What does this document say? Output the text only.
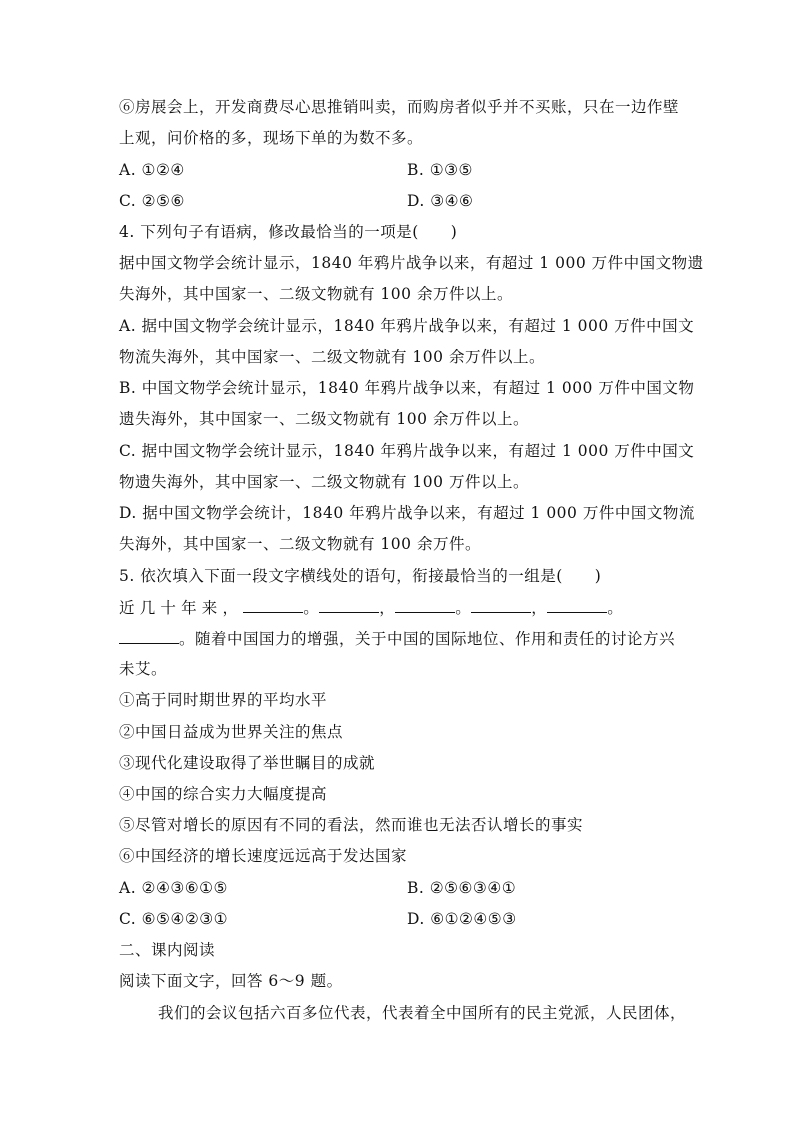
⑥房展会上，开发商费尽心思推销叫卖，而购房者似乎并不买账，只在一边作壁
上观，问价格的多，现场下单的为数不多。
A. ①②④	B. ①③⑤
C. ②⑤⑥	D. ③④⑥
4. 下列句子有语病，修改最恰当的一项是(　　)
据中国文物学会统计显示，1840 年鸦片战争以来，有超过 1 000 万件中国文物遗
失海外，其中国家一、二级文物就有 100 余万件以上。
A. 据中国文物学会统计显示，1840 年鸦片战争以来，有超过 1 000 万件中国文
物流失海外，其中国家一、二级文物就有 100 余万件以上。
B. 中国文物学会统计显示，1840 年鸦片战争以来，有超过 1 000 万件中国文物
遗失海外，其中国家一、二级文物就有 100 余万件以上。
C. 据中国文物学会统计显示，1840 年鸦片战争以来，有超过 1 000 万件中国文
物遗失海外，其中国家一、二级文物就有 100 万件以上。
D. 据中国文物学会统计，1840 年鸦片战争以来，有超过 1 000 万件中国文物流
失海外，其中国家一、二级文物就有 100 余万件。
5. 依次填入下面一段文字横线处的语句，衔接最恰当的一组是(　　)
近几十年来，	。	，	。	，	。
。随着中国国力的增强，关于中国的国际地位、作用和责任的讨论方兴
未艾。
①高于同时期世界的平均水平
②中国日益成为世界关注的焦点
③现代化建设取得了举世瞩目的成就
④中国的综合实力大幅度提高
⑤尽管对增长的原因有不同的看法，然而谁也无法否认增长的事实
⑥中国经济的增长速度远远高于发达国家
A. ②④③⑥①⑤	B. ②⑤⑥③④①
C. ⑥⑤④②③①	D. ⑥①②④⑤③
二、课内阅读
阅读下面文字，回答 6～9 题。
我们的会议包括六百多位代表，代表着全中国所有的民主党派，人民团体，
